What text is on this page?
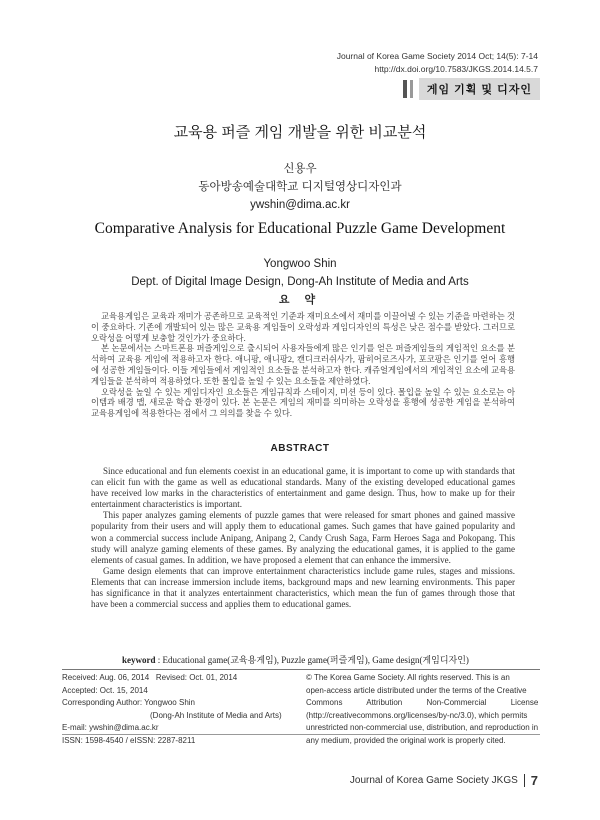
Journal of Korea Game Society 2014 Oct; 14(5): 7-14
http://dx.doi.org/10.7583/JKGS.2014.14.5.7
게임 기획 및 디자인
교육용 퍼즐 게임 개발을 위한 비교분석
신용우
동아방송예술대학교 디지털영상디자인과
ywshin@dima.ac.kr
Comparative Analysis for Educational Puzzle Game Development
Yongwoo Shin
Dept. of Digital Image Design, Dong-Ah Institute of Media and Arts
요 약

교육용게임은 교육과 재미가 공존하므로 교육적인 기준과 재미요소에서 재미를 이끌어낼 수 있는 기준을 마련하는 것이 중요하다. 기존에 개발되어 있는 많은 교육용 게임들이 오락성과 게임디자인의 특성은 낮은 점수를 받았다. 그러므로 오락성을 어떻게 보충할 것인가가 중요하다.

본 논문에서는 스마트폰용 퍼즐게임으로 출시되어 사용자들에게 많은 인기를 얻은 퍼즐게임들의 게임적인 요소를 분석하여 교육용 게임에 적용하고자 한다. 애니팡, 애니팡2, 캔디크러쉬사가, 팜히어로즈사가, 포코팡은 인기를 얻어 흥행에 성공한 게임들이다. 이들 게임들에서 게임적인 요소들을 분석하고자 한다. 캐쥬얼게임에서의 게임적인 요소에 교육용게임들을 분석하여 적용하였다. 또한 몰입을 높일 수 있는 요소들을 제안하였다.

오락성을 높일 수 있는 게임디자인 요소들은 게임규칙과 스테이지, 미션 등이 있다. 몰입을 높일 수 있는 요소로는 아이템과 배경 맵, 새로운 학습 환경이 있다. 본 논문은 게임의 재미를 의미하는 오락성을 흥행에 성공한 게임을 분석하여 교육용게임에 적용한다는 점에서 그 의의를 찾을 수 있다.

ABSTRACT

Since educational and fun elements coexist in an educational game, it is important to come up with standards that can elicit fun with the game as well as educational standards. Many of the existing developed educational games have received low marks in the characteristics of entertainment and game design. Thus, how to make up for their entertainment characteristics is important.

This paper analyzes gaming elements of puzzle games that were released for smart phones and gained massive popularity from their users and will apply them to educational games. Such games that have gained popularity and won a commercial success include Anipang, Anipang 2, Candy Crush Saga, Farm Heroes Saga and Pokopang. This study will analyze gaming elements of these games. By analyzing the educational games, it is applied to the game elements of casual games. In addition, we have proposed a element that can enhance the immersive.

Game design elements that can improve entertainment characteristics include game rules, stages and missions. Elements that can increase immersion include items, background maps and new learning environments. This paper has significance in that it analyzes entertainment characteristics, which mean the fun of games through those that have been a commercial success and applies them to educational games.

keyword : Educational game(교육용게임), Puzzle game(퍼즐게임), Game design(게임디자인)
Received: Aug. 06, 2014 Revised: Oct. 01, 2014
Accepted: Oct. 15, 2014
Corresponding Author: Yongwoo Shin
(Dong-Ah Institute of Media and Arts)
E-mail: ywshin@dima.ac.kr
ISSN: 1598-4540 / eISSN: 2287-8211
© The Korea Game Society. All rights reserved. This is an
open-access article distributed under the terms of the Creative
Commons Attribution Non-Commercial License
(http://creativecommons.org/licenses/by-nc/3.0), which permits
unrestricted non-commercial use, distribution, and reproduction in
any medium, provided the original work is properly cited.
Journal of Korea Game Society JKGS 7
